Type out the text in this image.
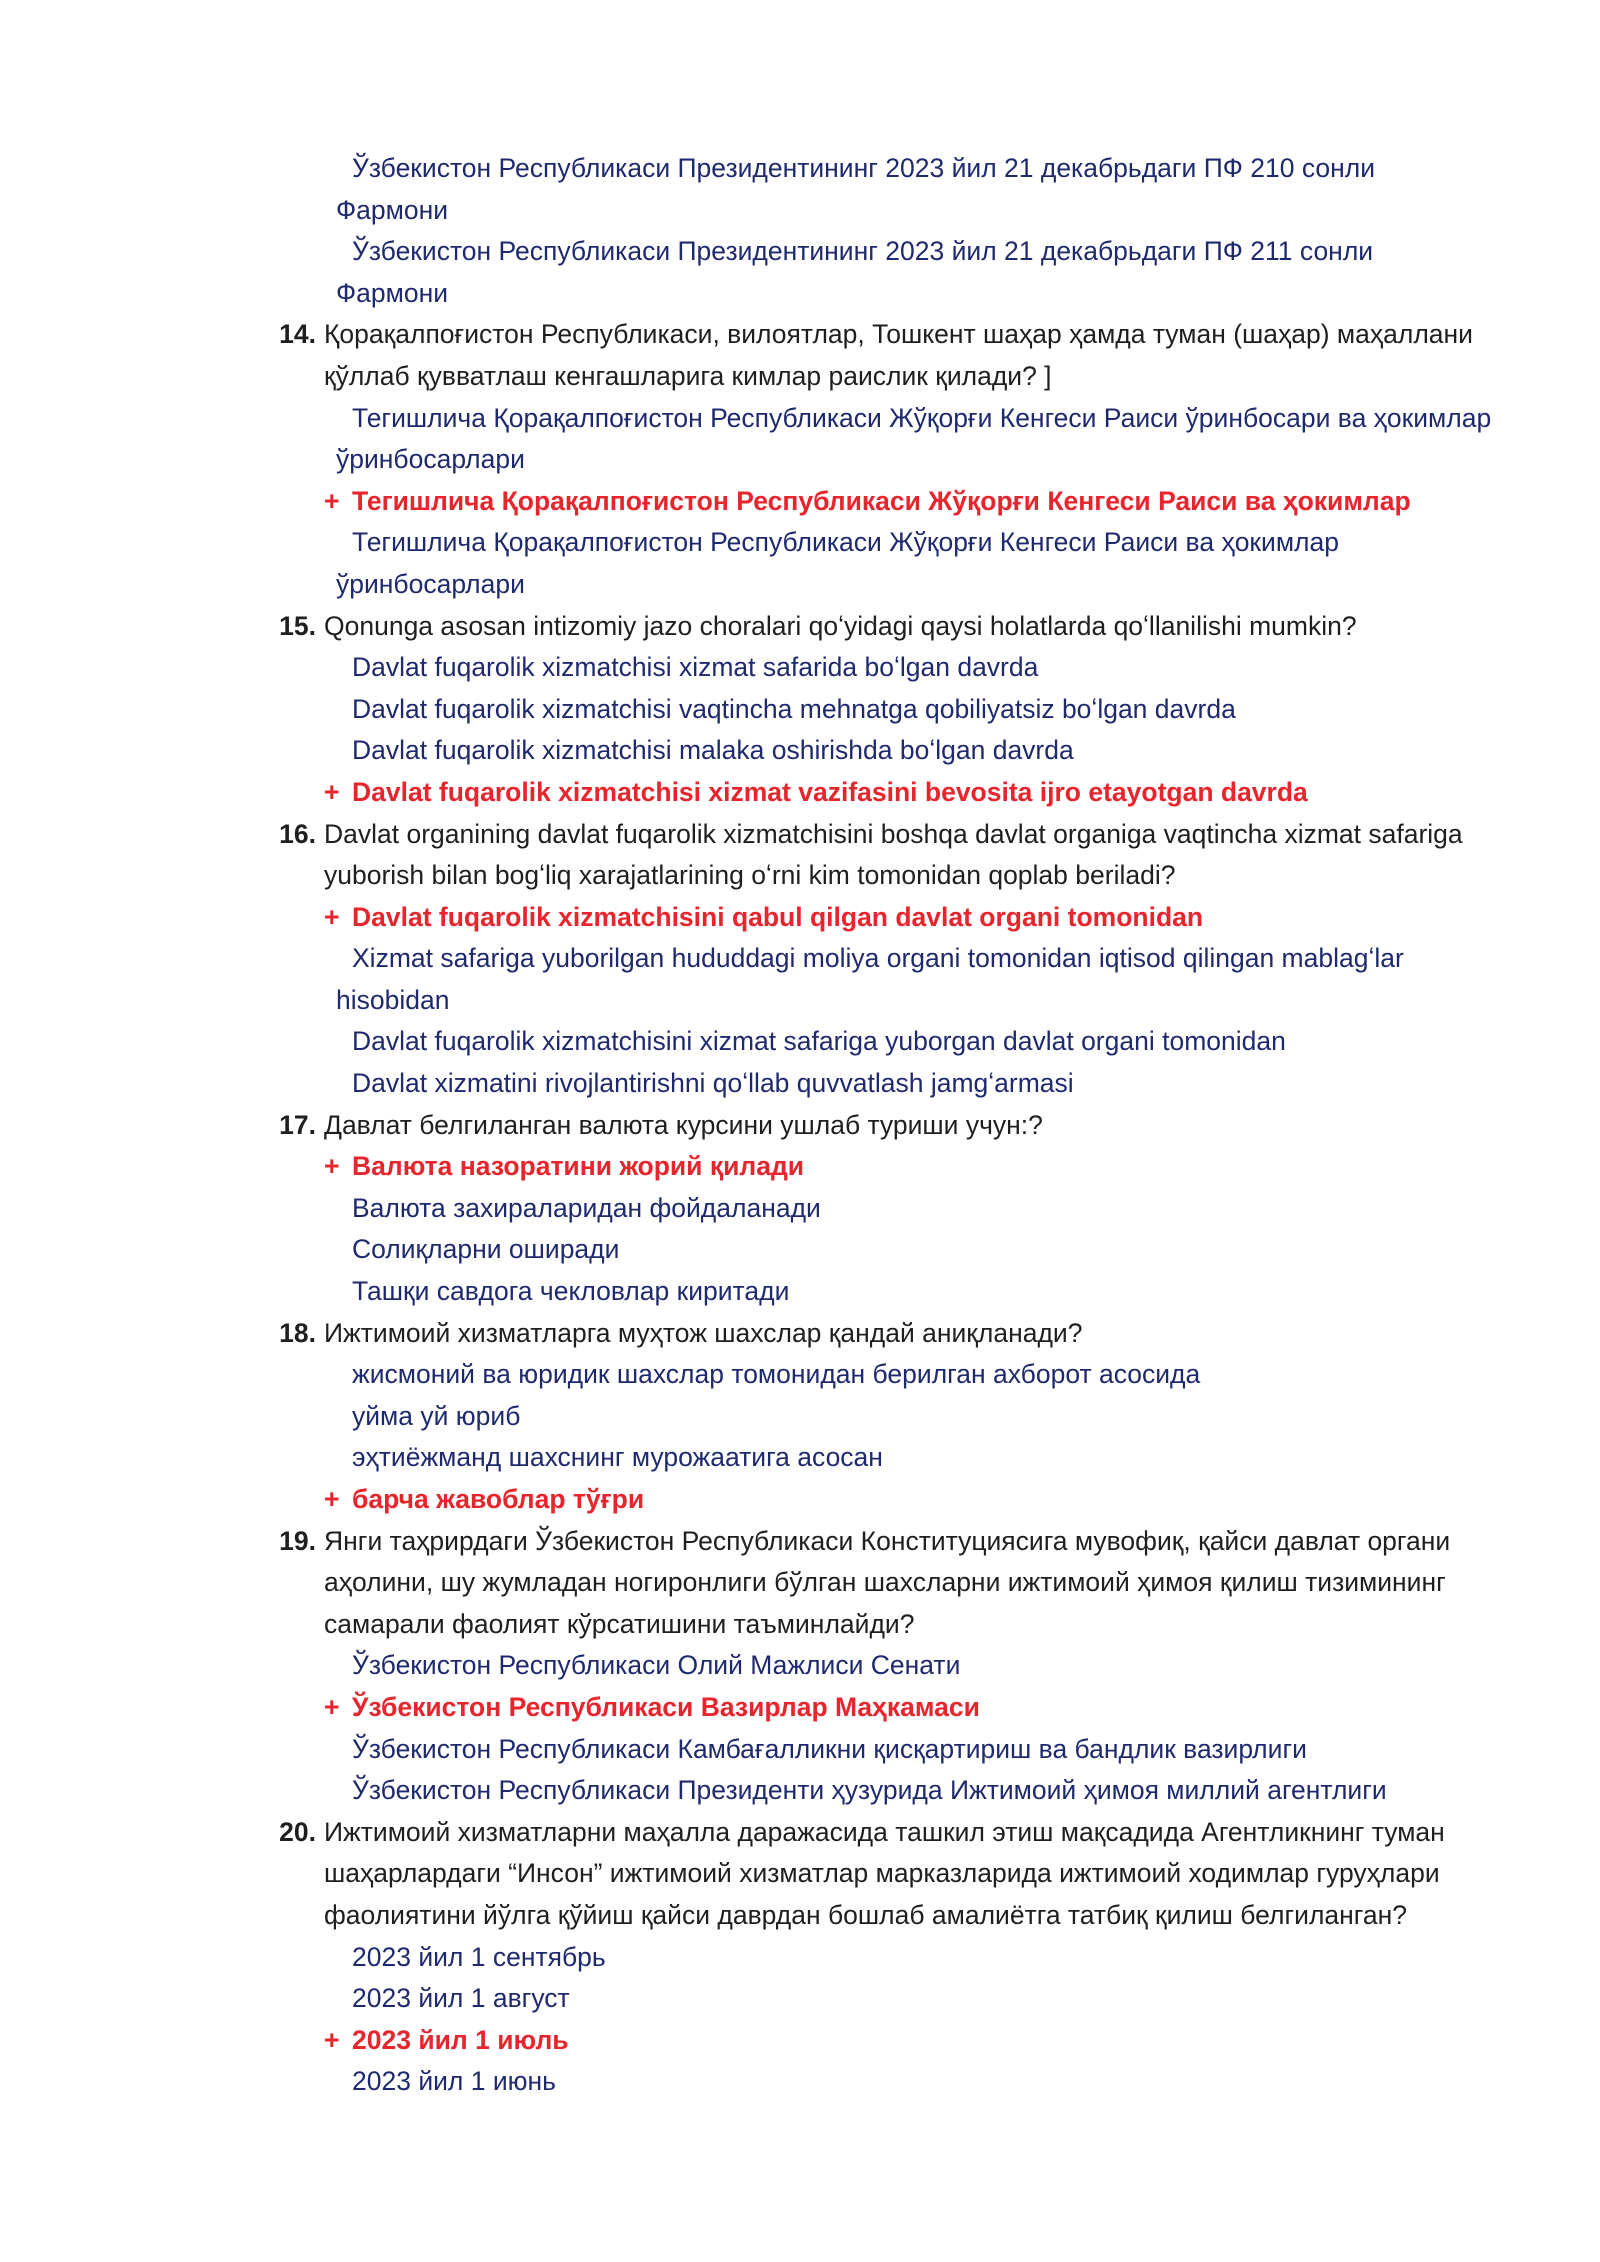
Ўзбекистон Республикаси Президентининг 2023 йил 21 декабрьдаги ПФ 210 сонли Фармони
Ўзбекистон Республикаси Президентининг 2023 йил 21 декабрьдаги ПФ 211 сонли Фармони
14. Қорақалпоғистон Республикаси, вилоятлар, Тошкент шаҳар ҳамда туман (шаҳар) маҳаллани қўллаб қувватлаш кенгашларига кимлар раислик қилади? ]
Тегишлича Қорақалпоғистон Республикаси Жўқорғи Кенгеси Раиси ўринбосари ва ҳокимлар ўринбосарлари
+ Тегишлича Қорақалпоғистон Республикаси Жўқорғи Кенгеси Раиси ва ҳокимлар
Тегишлича Қорақалпоғистон Республикаси Жўқорғи Кенгеси Раиси ва ҳокимлар ўринбосарлари
15. Qonunga asosan intizomiy jazo choralari qoʻyidagi qaysi holatlarda qoʻllanilishi mumkin?
Davlat fuqarolik xizmatchisi xizmat safarida boʻlgan davrda
Davlat fuqarolik xizmatchisi vaqtincha mehnatga qobiliyatsiz boʻlgan davrda
Davlat fuqarolik xizmatchisi malaka oshirishda boʻlgan davrda
+ Davlat fuqarolik xizmatchisi xizmat vazifasini bevosita ijro etayotgan davrda
16. Davlat organining davlat fuqarolik xizmatchisini boshqa davlat organiga vaqtincha xizmat safariga yuborish bilan bogʻliq xarajatlarining oʻrni kim tomonidan qoplab beriladi?
+ Davlat fuqarolik xizmatchisini qabul qilgan davlat organi tomonidan
Xizmat safariga yuborilgan hududdagi moliya organi tomonidan iqtisod qilingan mablagʻlar hisobidan
Davlat fuqarolik xizmatchisini xizmat safariga yuborgan davlat organi tomonidan
Davlat xizmatini rivojlantirishni qoʻllab quvvatlash jamgʻarmasi
17. Давлат белгиланган валюта курсини ушлаб туриши учун:?
+ Валюта назоратини жорий қилади
Валюта захираларидан фойдаланади
Солиқларни оширади
Ташқи савдога чекловлар киритади
18. Ижтимоий хизматларга муҳтож шахслар қандай аниқланади?
жисмоний ва юридик шахслар томонидан берилган ахборот асосида
уйма уй юриб
эҳтиёжманд шахснинг мурожаатига асосан
+ барча жавоблар тўғри
19. Янги таҳрирдаги Ўзбекистон Республикаси Конституциясига мувофиқ, қайси давлат органи аҳолини, шу жумладан ногиронлиги бўлган шахсларни ижтимоий ҳимоя қилиш тизимининг самарали фаолият кўрсатишини таъминлайди?
Ўзбекистон Республикаси Олий Мажлиси Сенати
+ Ўзбекистон Республикаси Вазирлар Маҳкамаси
Ўзбекистон Республикаси Камбағалликни қисқартириш ва бандлик вазирлиги
Ўзбекистон Республикаси Президенти ҳузурида Ижтимоий ҳимоя миллий агентлиги
20. Ижтимоий хизматларни маҳалла даражасида ташкил этиш мақсадида Агентликнинг туман шаҳарлардаги “Инсон” ижтимоий хизматлар марказларида ижтимоий ходимлар гуруҳлари фаолиятини йўлга қўйиш қайси даврдан бошлаб амалиётга татбиқ қилиш белгиланган?
2023 йил 1 сентябрь
2023 йил 1 август
+ 2023 йил 1 июль
2023 йил 1 июнь
